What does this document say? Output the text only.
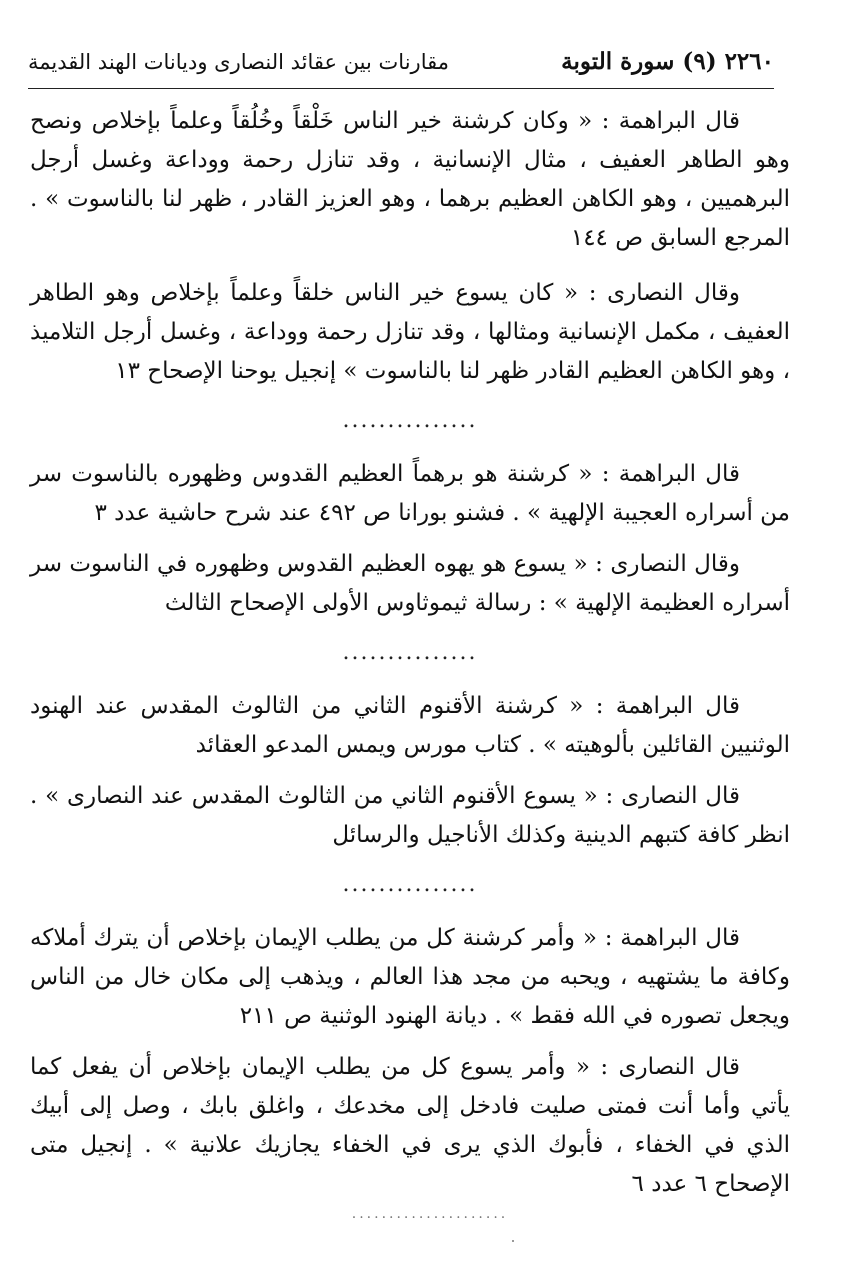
٢٢٦٠ (٩) سورة التوبة
مقارنات بين عقائد النصارى وديانات الهند القديمة

قال البراهمة : « وكان كرشنة خير الناس خَلْقاً وخُلُقاً وعلماً بإخلاص ونصح وهو الطاهر العفيف ، مثال الإنسانية ، وقد تنازل رحمة ووداعة وغسل أرجل البرهميين ، وهو الكاهن العظيم برهما ، وهو العزيز القادر ، ظهر لنا بالناسوت » . المرجع السابق ص ١٤٤

وقال النصارى : « كان يسوع خير الناس خلقاً وعلماً بإخلاص وهو الطاهر العفيف ، مكمل الإنسانية ومثالها ، وقد تنازل رحمة ووداعة ، وغسل أرجل التلاميذ ، وهو الكاهن العظيم القادر ظهر لنا بالناسوت » إنجيل يوحنا الإصحاح ١٣

...............

قال البراهمة : « كرشنة هو برهماً العظيم القدوس وظهوره بالناسوت سر من أسراره العجيبة الإلهية » . فشنو بورانا ص ٤٩٢ عند شرح حاشية عدد ٣

وقال النصارى : « يسوع هو يهوه العظيم القدوس وظهوره في الناسوت سر أسراره العظيمة الإلهية » : رسالة ثيموثاوس الأولى الإصحاح الثالث

...............

قال البراهمة : « كرشنة الأقنوم الثاني من الثالوث المقدس عند الهنود الوثنيين القائلين بألوهيته » . كتاب مورس ويمس المدعو العقائد

قال النصارى : « يسوع الأقنوم الثاني من الثالوث المقدس عند النصارى » . انظر كافة كتبهم الدينية وكذلك الأناجيل والرسائل

...............

قال البراهمة : « وأمر كرشنة كل من يطلب الإيمان بإخلاص أن يترك أملاكه وكافة ما يشتهيه ، ويحبه من مجد هذا العالم ، ويذهب إلى مكان خال من الناس ويجعل تصوره في الله فقط » . ديانة الهنود الوثنية ص ٢١١

قال النصارى : « وأمر يسوع كل من يطلب الإيمان بإخلاص أن يفعل كما يأتي وأما أنت فمتى صليت فادخل إلى مخدعك ، واغلق بابك ، وصل إلى أبيك الذي في الخفاء ، فأبوك الذي يرى في الخفاء يجازيك علانية » . إنجيل متى الإصحاح ٦ عدد ٦

.....................
